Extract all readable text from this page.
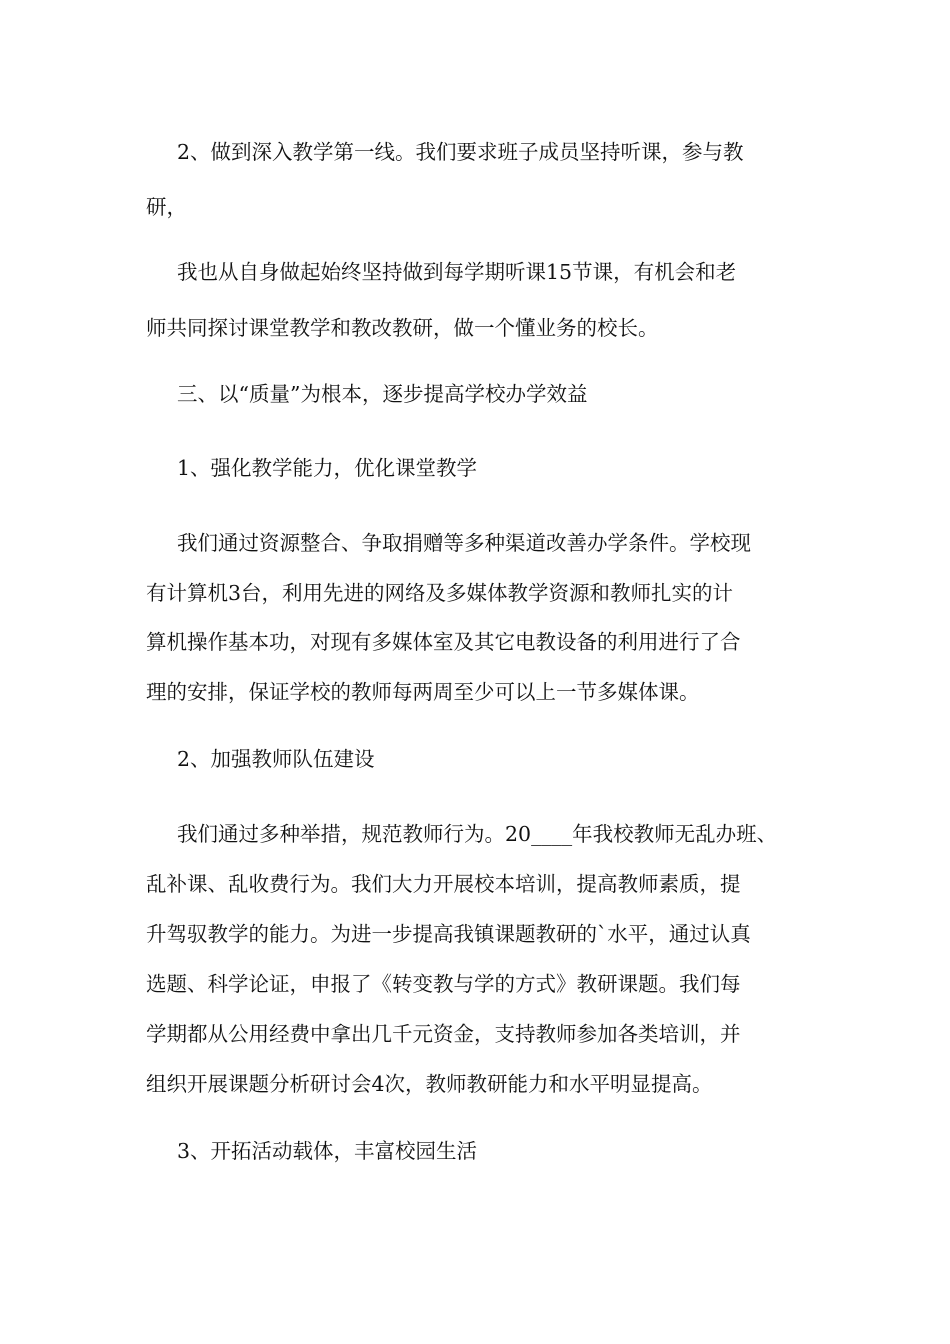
2、做到深入教学第一线。我们要求班子成员坚持听课，参与教
研，
我也从自身做起始终坚持做到每学期听课15节课，有机会和老
师共同探讨课堂教学和教改教研，做一个懂业务的校长。
三、以“质量”为根本，逐步提高学校办学效益
1、强化教学能力，优化课堂教学
我们通过资源整合、争取捐赠等多种渠道改善办学条件。学校现
有计算机3台，利用先进的网络及多媒体教学资源和教师扎实的计
算机操作基本功，对现有多媒体室及其它电教设备的利用进行了合
理的安排，保证学校的教师每两周至少可以上一节多媒体课。
2、加强教师队伍建设
我们通过多种举措，规范教师行为。20____年我校教师无乱办班、
乱补课、乱收费行为。我们大力开展校本培训，提高教师素质，提
升驾驭教学的能力。为进一步提高我镇课题教研的`水平，通过认真
选题、科学论证，申报了《转变教与学的方式》教研课题。我们每
学期都从公用经费中拿出几千元资金，支持教师参加各类培训，并
组织开展课题分析研讨会4次，教师教研能力和水平明显提高。
3、开拓活动载体，丰富校园生活
